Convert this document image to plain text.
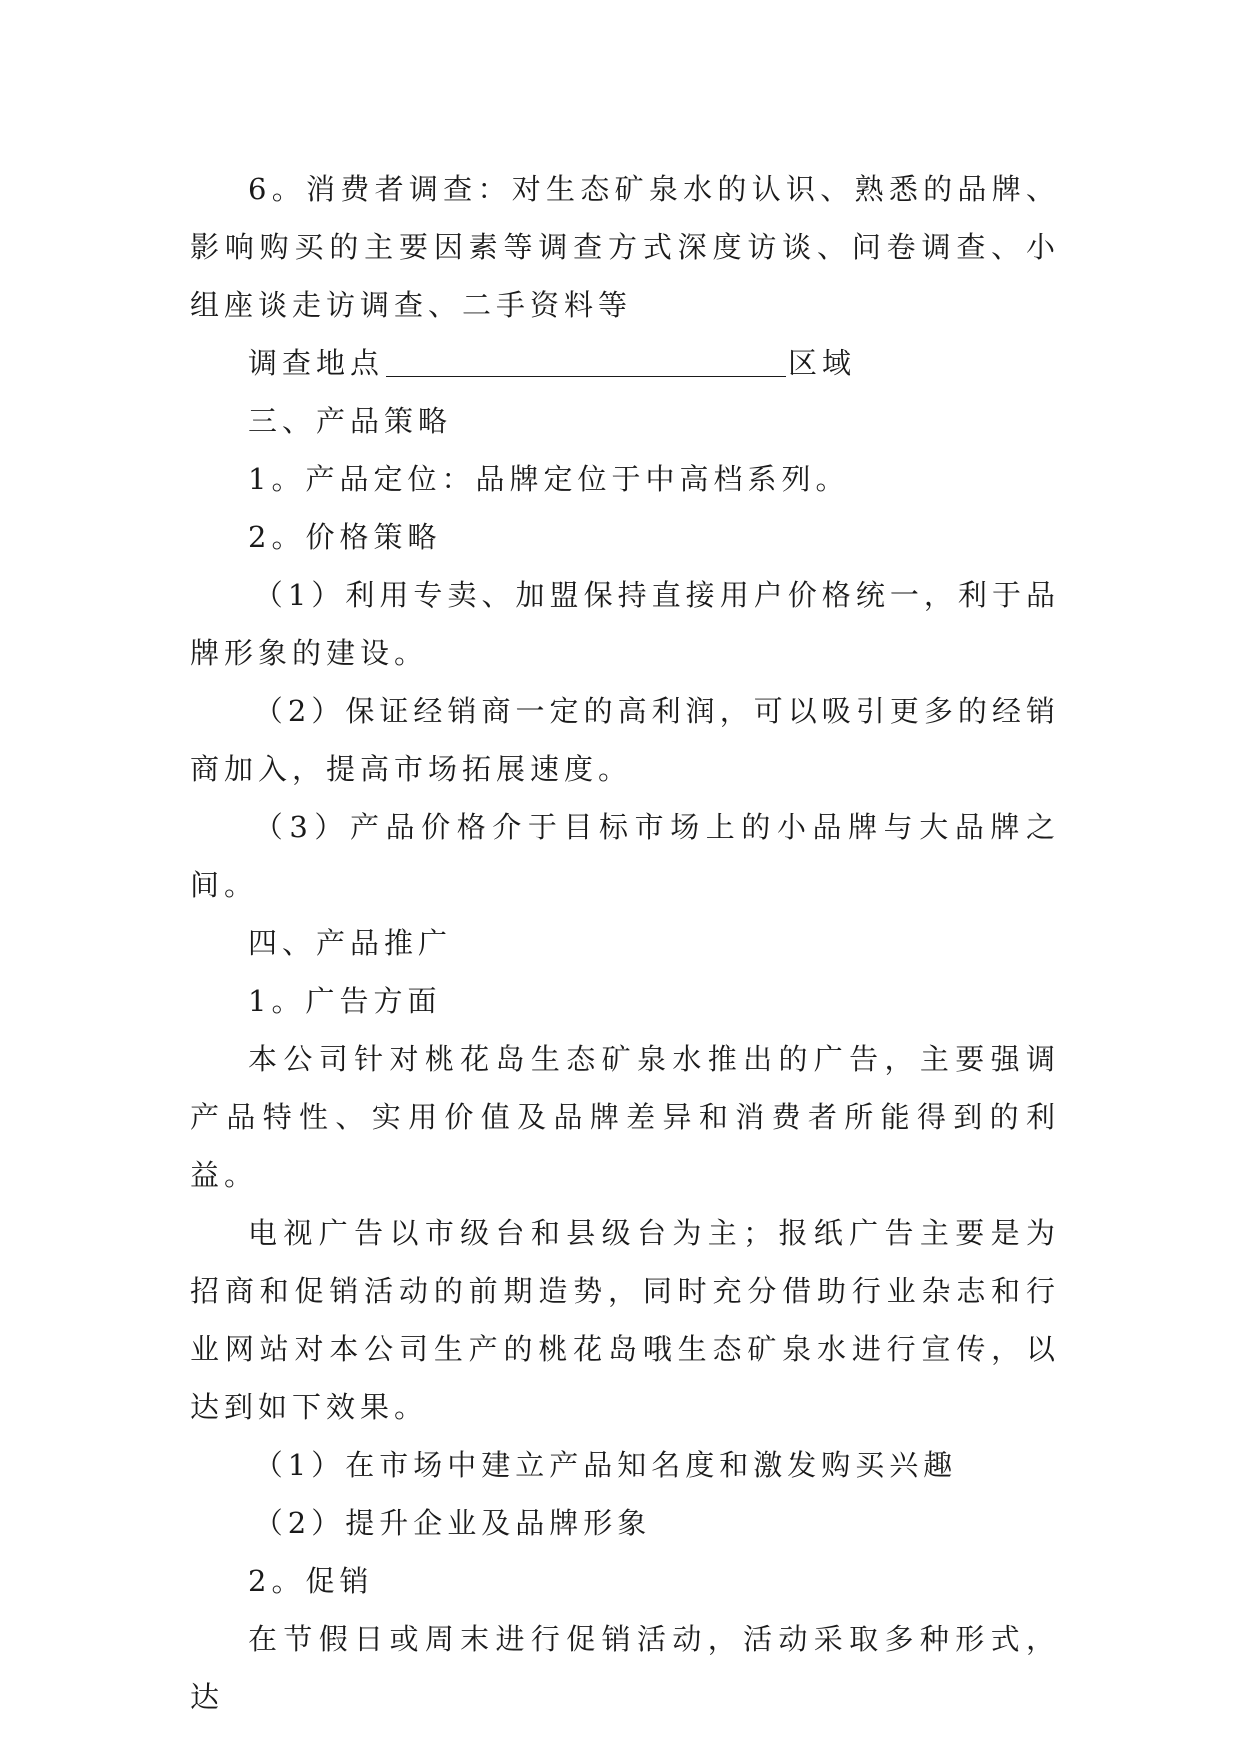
6。消费者调查：对生态矿泉水的认识、熟悉的品牌、影响购买的主要因素等调查方式深度访谈、问卷调查、小组座谈走访调查、二手资料等

调查地点	区域

三、产品策略

1。产品定位：品牌定位于中高档系列。

2。价格策略

（1）利用专卖、加盟保持直接用户价格统一，利于品牌形象的建设。

（2）保证经销商一定的高利润，可以吸引更多的经销商加入，提高市场拓展速度。

（3）产品价格介于目标市场上的小品牌与大品牌之间。

四、产品推广

1。广告方面

本公司针对桃花岛生态矿泉水推出的广告，主要强调产品特性、实用价值及品牌差异和消费者所能得到的利益。

电视广告以市级台和县级台为主；报纸广告主要是为招商和促销活动的前期造势，同时充分借助行业杂志和行业网站对本公司生产的桃花岛哦生态矿泉水进行宣传，以达到如下效果。

（1）在市场中建立产品知名度和激发购买兴趣

（2）提升企业及品牌形象

2。促销

在节假日或周末进行促销活动，活动采取多种形式，达
